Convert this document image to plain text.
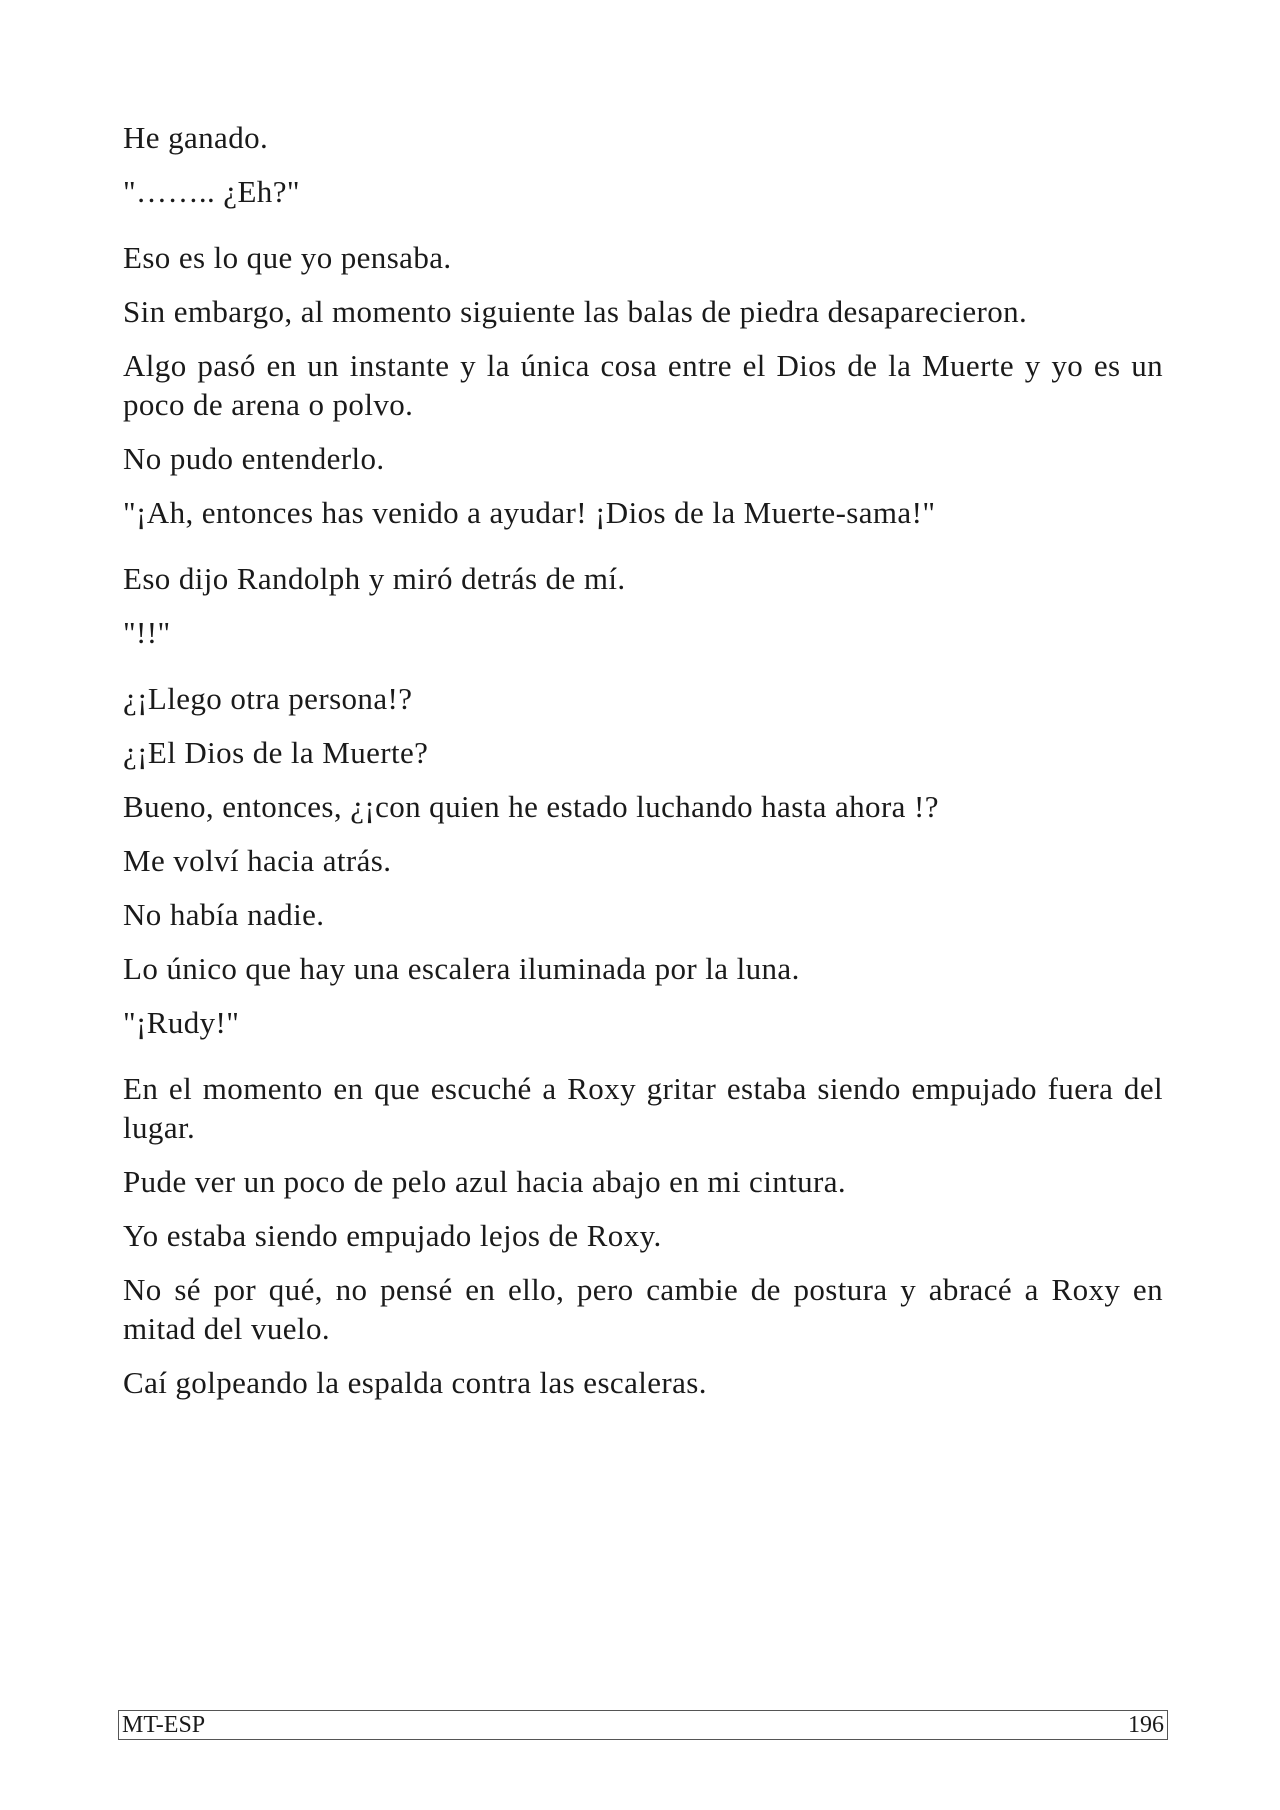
He ganado.

"…….. ¿Eh?"

Eso es lo que yo pensaba.

Sin embargo, al momento siguiente las balas de piedra desaparecieron.

Algo pasó en un instante y la única cosa entre el Dios de la Muerte y yo es un poco de arena o polvo.

No pudo entenderlo.

"¡Ah, entonces has venido a ayudar! ¡Dios de la Muerte-sama!"

Eso dijo Randolph y miró detrás de mí.

"!!"

¿¡Llego otra persona!?

¿¡El Dios de la Muerte?

Bueno, entonces, ¿¡con quien he estado luchando hasta ahora !?

Me volví hacia atrás.

No había nadie.

Lo único que hay una escalera iluminada por la luna.

"¡Rudy!"

En el momento en que escuché a Roxy gritar estaba siendo empujado fuera del lugar.

Pude ver un poco de pelo azul hacia abajo en mi cintura.

Yo estaba siendo empujado lejos de Roxy.

No sé por qué, no pensé en ello, pero cambie de postura y abracé a Roxy en mitad del vuelo.

Caí golpeando la espalda contra las escaleras.

MT-ESP	196
